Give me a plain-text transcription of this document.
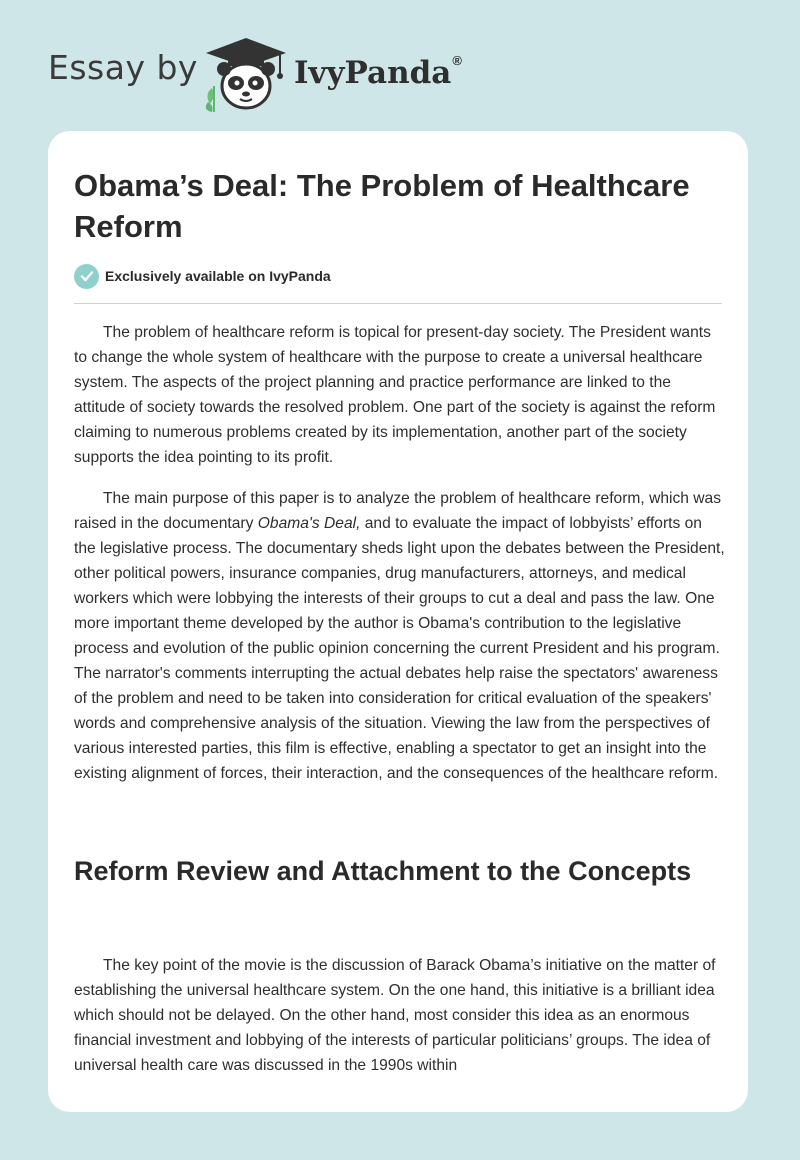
Essay by	IvyPanda®
Obama’s Deal: The Problem of Healthcare Reform
Exclusively available on IvyPanda

The problem of healthcare reform is topical for present-day society. The President wants to change the whole system of healthcare with the purpose to create a universal healthcare system. The aspects of the project planning and practice performance are linked to the attitude of society towards the resolved problem. One part of the society is against the reform claiming to numerous problems created by its implementation, another part of the society supports the idea pointing to its profit.

The main purpose of this paper is to analyze the problem of healthcare reform, which was raised in the documentary Obama's Deal, and to evaluate the impact of lobbyists’ efforts on the legislative process. The documentary sheds light upon the debates between the President, other political powers, insurance companies, drug manufacturers, attorneys, and medical workers which were lobbying the interests of their groups to cut a deal and pass the law. One more important theme developed by the author is Obama's contribution to the legislative process and evolution of the public opinion concerning the current President and his program. The narrator's comments interrupting the actual debates help raise the spectators' awareness of the problem and need to be taken into consideration for critical evaluation of the speakers' words and comprehensive analysis of the situation. Viewing the law from the perspectives of various interested parties, this film is effective, enabling a spectator to get an insight into the existing alignment of forces, their interaction, and the consequences of the healthcare reform.

Reform Review and Attachment to the Concepts

The key point of the movie is the discussion of Barack Obama’s initiative on the matter of establishing the universal healthcare system. On the one hand, this initiative is a brilliant idea which should not be delayed. On the other hand, most consider this idea as an enormous financial investment and lobbying of the interests of particular politicians’ groups. The idea of universal health care was discussed in the 1990s within
